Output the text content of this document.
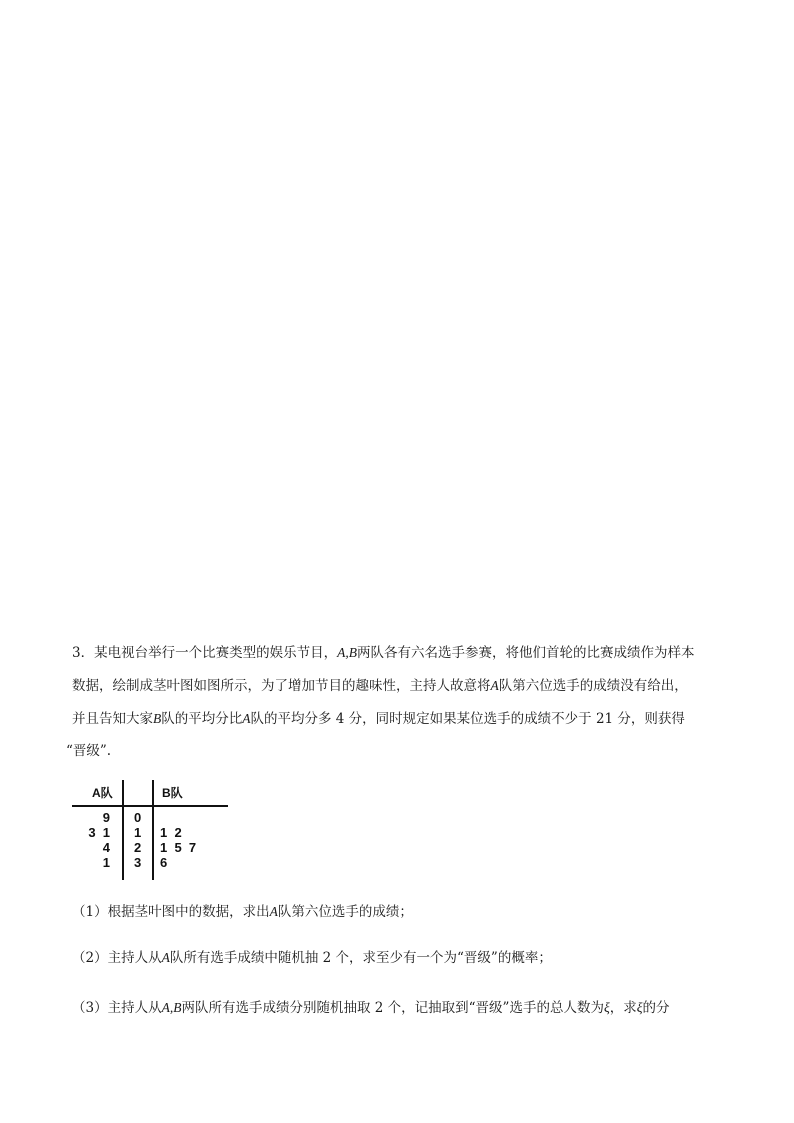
3．某电视台举行一个比赛类型的娱乐节目，A,B两队各有六名选手参赛，将他们首轮的比赛成绩作为样本
数据，绘制成茎叶图如图所示，为了增加节目的趣味性，主持人故意将A队第六位选手的成绩没有给出，
并且告知大家B队的平均分比A队的平均分多 4 分，同时规定如果某位选手的成绩不少于 21 分，则获得
“晋级”.
A队	B队
9 0
3  1 1 1  2
4 2 1  5  7
1 3 6
（1）根据茎叶图中的数据，求出A队第六位选手的成绩；
（2）主持人从A队所有选手成绩中随机抽 2 个，求至少有一个为“晋级”的概率；
（3）主持人从A,B两队所有选手成绩分别随机抽取 2 个，记抽取到“晋级”选手的总人数为ξ，求ξ的分
